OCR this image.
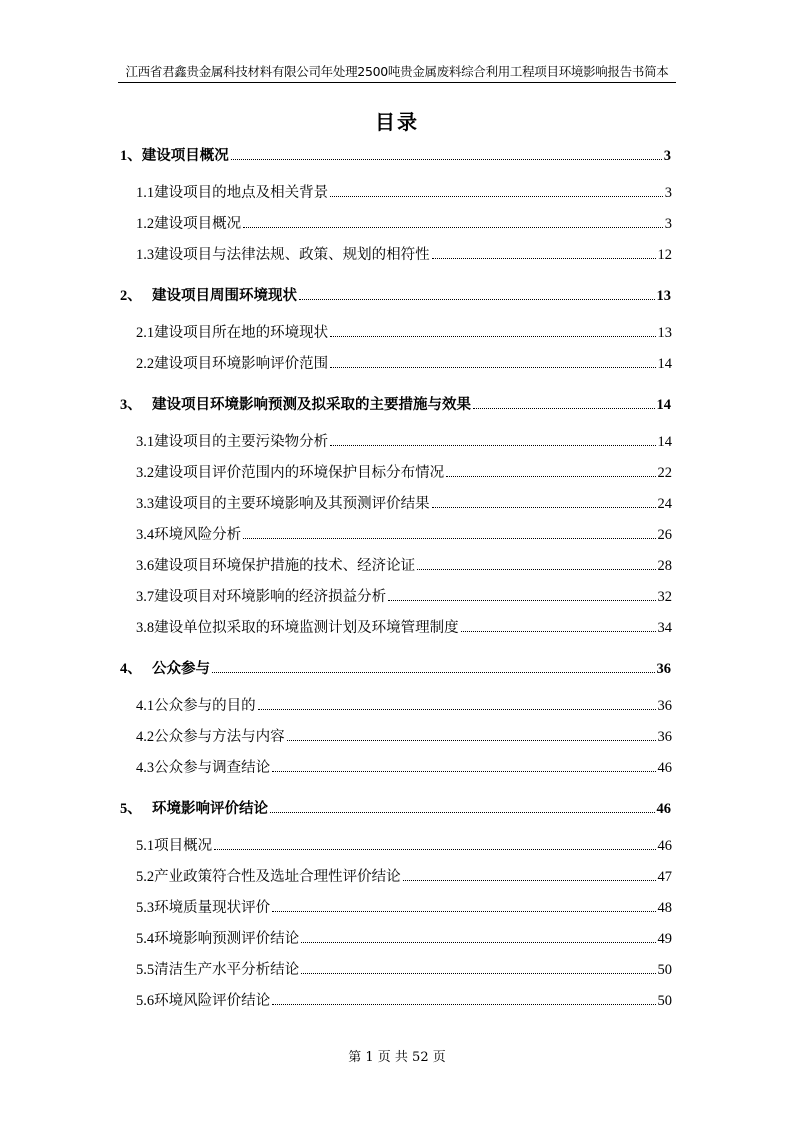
江西省君鑫贵金属科技材料有限公司年处理2500吨贵金属废料综合利用工程项目环境影响报告书简本
目录
1、 建设项目概况	3
1.1 建设项目的地点及相关背景	3
1.2 建设项目概况	3
1.3 建设项目与法律法规、政策、规划的相符性	12
2、 建设项目周围环境现状	13
2.1 建设项目所在地的环境现状	13
2.2 建设项目环境影响评价范围	14
3、 建设项目环境影响预测及拟采取的主要措施与效果	14
3.1 建设项目的主要污染物分析	14
3.2 建设项目评价范围内的环境保护目标分布情况	22
3.3 建设项目的主要环境影响及其预测评价结果	24
3.4 环境风险分析	26
3.6 建设项目环境保护措施的技术、经济论证	28
3.7 建设项目对环境影响的经济损益分析	32
3.8 建设单位拟采取的环境监测计划及环境管理制度	34
4、 公众参与	36
4.1 公众参与的目的	36
4.2 公众参与方法与内容	36
4.3 公众参与调查结论	46
5、 环境影响评价结论	46
5.1 项目概况	46
5.2 产业政策符合性及选址合理性评价结论	47
5.3 环境质量现状评价	48
5.4 环境影响预测评价结论	49
5.5 清洁生产水平分析结论	50
5.6 环境风险评价结论	50
第 1 页 共 52 页
